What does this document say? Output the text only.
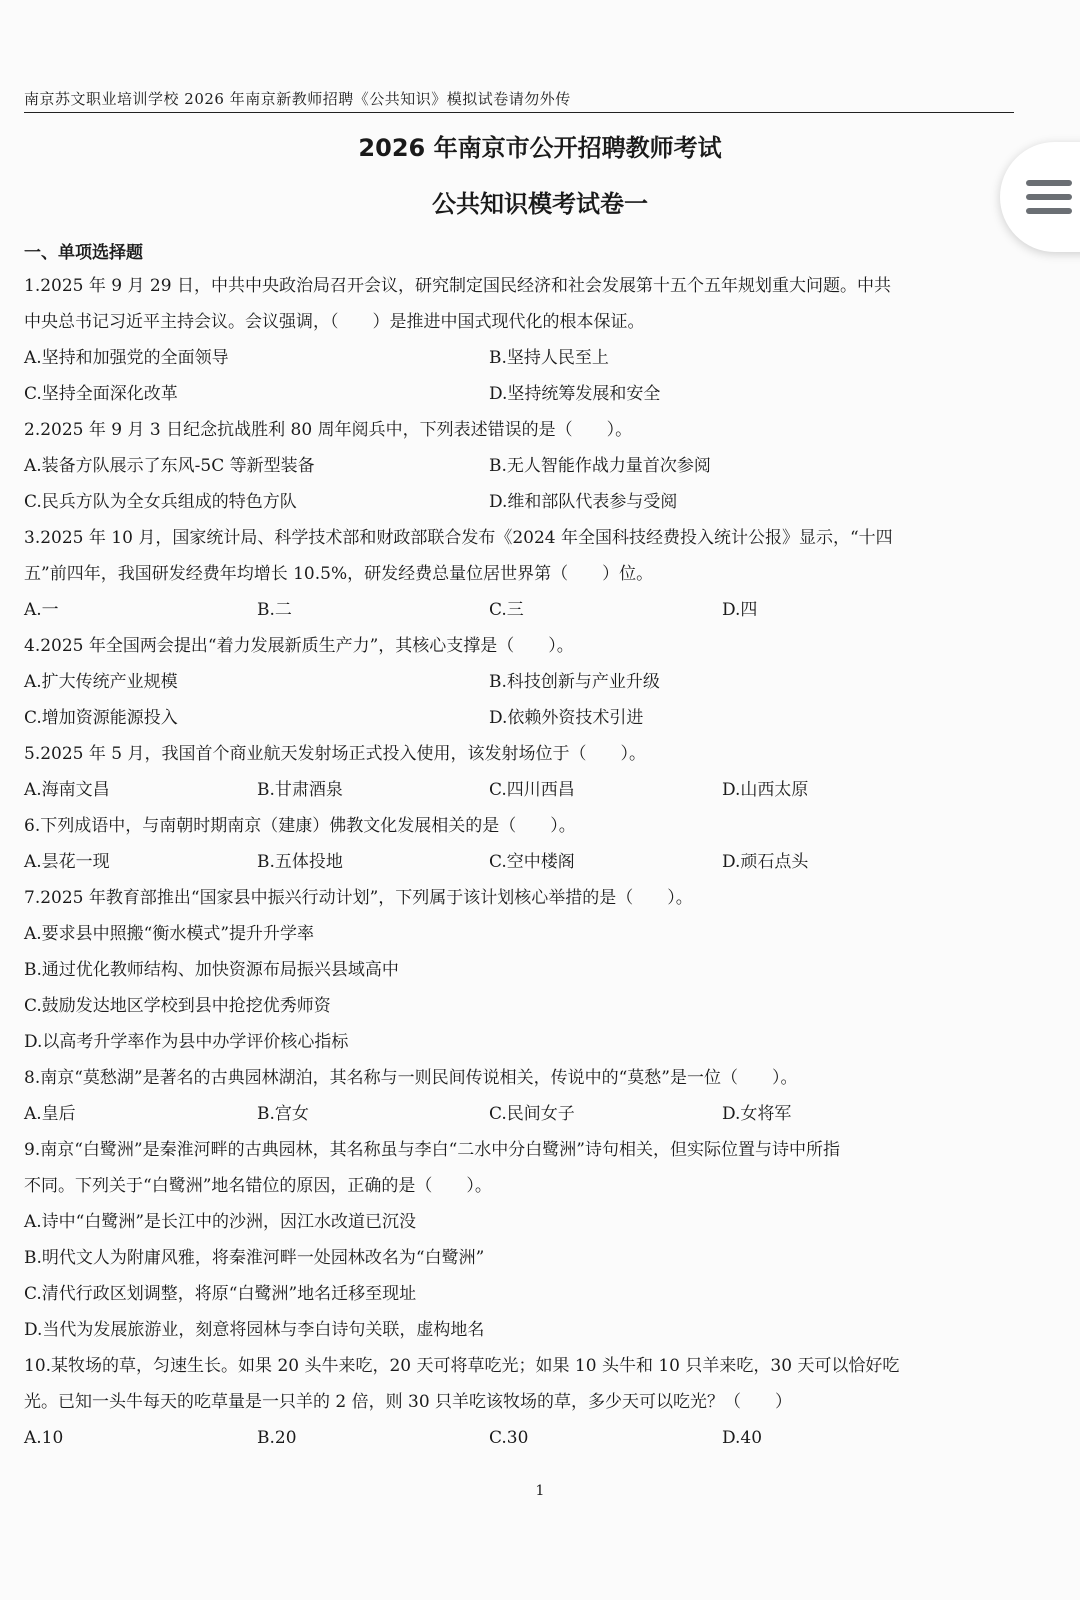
南京苏文职业培训学校 2026 年南京新教师招聘《公共知识》模拟试卷请勿外传
2026 年南京市公开招聘教师考试
公共知识模考试卷一
一、单项选择题
1.2025 年 9 月 29 日，中共中央政治局召开会议，研究制定国民经济和社会发展第十五个五年规划重大问题。中共
中央总书记习近平主持会议。会议强调，（　　）是推进中国式现代化的根本保证。
A.坚持和加强党的全面领导	B.坚持人民至上
C.坚持全面深化改革	D.坚持统筹发展和安全
2.2025 年 9 月 3 日纪念抗战胜利 80 周年阅兵中，下列表述错误的是（　　）。
A.装备方队展示了东风-5C 等新型装备	B.无人智能作战力量首次参阅
C.民兵方队为全女兵组成的特色方队	D.维和部队代表参与受阅
3.2025 年 10 月，国家统计局、科学技术部和财政部联合发布《2024 年全国科技经费投入统计公报》显示，“十四
五”前四年，我国研发经费年均增长 10.5%，研发经费总量位居世界第（　　）位。
A.一	B.二	C.三	D.四
4.2025 年全国两会提出“着力发展新质生产力”，其核心支撑是（　　）。
A.扩大传统产业规模	B.科技创新与产业升级
C.增加资源能源投入	D.依赖外资技术引进
5.2025 年 5 月，我国首个商业航天发射场正式投入使用，该发射场位于（　　）。
A.海南文昌	B.甘肃酒泉	C.四川西昌	D.山西太原
6.下列成语中，与南朝时期南京（建康）佛教文化发展相关的是（　　）。
A.昙花一现	B.五体投地	C.空中楼阁	D.顽石点头
7.2025 年教育部推出“国家县中振兴行动计划”，下列属于该计划核心举措的是（　　）。
A.要求县中照搬“衡水模式”提升升学率
B.通过优化教师结构、加快资源布局振兴县域高中
C.鼓励发达地区学校到县中抢挖优秀师资
D.以高考升学率作为县中办学评价核心指标
8.南京“莫愁湖”是著名的古典园林湖泊，其名称与一则民间传说相关，传说中的“莫愁”是一位（　　）。
A.皇后	B.宫女	C.民间女子	D.女将军
9.南京“白鹭洲”是秦淮河畔的古典园林，其名称虽与李白“二水中分白鹭洲”诗句相关，但实际位置与诗中所指
不同。下列关于“白鹭洲”地名错位的原因，正确的是（　　）。
A.诗中“白鹭洲”是长江中的沙洲，因江水改道已沉没
B.明代文人为附庸风雅，将秦淮河畔一处园林改名为“白鹭洲”
C.清代行政区划调整，将原“白鹭洲”地名迁移至现址
D.当代为发展旅游业，刻意将园林与李白诗句关联，虚构地名
10.某牧场的草，匀速生长。如果 20 头牛来吃，20 天可将草吃光；如果 10 头牛和 10 只羊来吃，30 天可以恰好吃
光。已知一头牛每天的吃草量是一只羊的 2 倍，则 30 只羊吃该牧场的草，多少天可以吃光？（　　）
A.10	B.20	C.30	D.40
1
